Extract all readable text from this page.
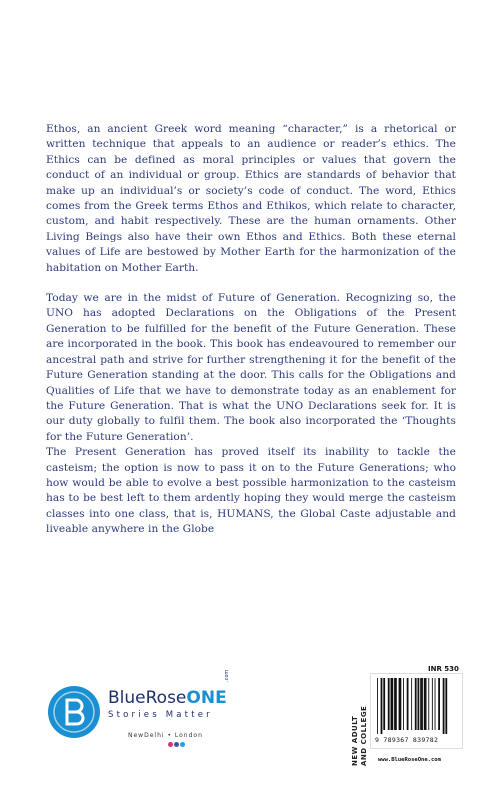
Ethos, an ancient Greek word meaning “character,” is a rhetorical or written technique that appeals to an audience or reader’s ethics. The Ethics can be defined as moral principles or values that govern the conduct of an individual or group. Ethics are standards of behavior that make up an individual’s or society’s code of conduct. The word, Ethics comes from the Greek terms Ethos and Ethikos, which relate to character, custom, and habit respectively. These are the human ornaments. Other Living Beings also have their own Ethos and Ethics. Both these eternal values of Life are bestowed by Mother Earth for the harmonization of the habitation on Mother Earth.

Today we are in the midst of Future of Generation. Recognizing so, the UNO has adopted Declarations on the Obligations of the Present Generation to be fulfilled for the benefit of the Future Generation. These are incorporated in the book. This book has endeavoured to remember our ancestral path and strive for further strengthening it for the benefit of the Future Generation standing at the door. This calls for the Obligations and Qualities of Life that we have to demonstrate today as an enablement for the Future Generation. That is what the UNO Declarations seek for. It is our duty globally to fulfil them. The book also incorporated the ‘Thoughts for the Future Generation’.

The Present Generation has proved itself its inability to tackle the casteism; the option is now to pass it on to the Future Generations; who how would be able to evolve a best possible harmonization to the casteism has to be best left to them ardently hoping they would merge the casteism classes into one class, that is, HUMANS, the Global Caste adjustable and liveable anywhere in the Globe

BlueRoseONE
.com
Stories Matter
NewDelhi • London	NEW ADULT AND COLLEGE
INR 530
9 789367 839782
www.BlueRoseOne.com
